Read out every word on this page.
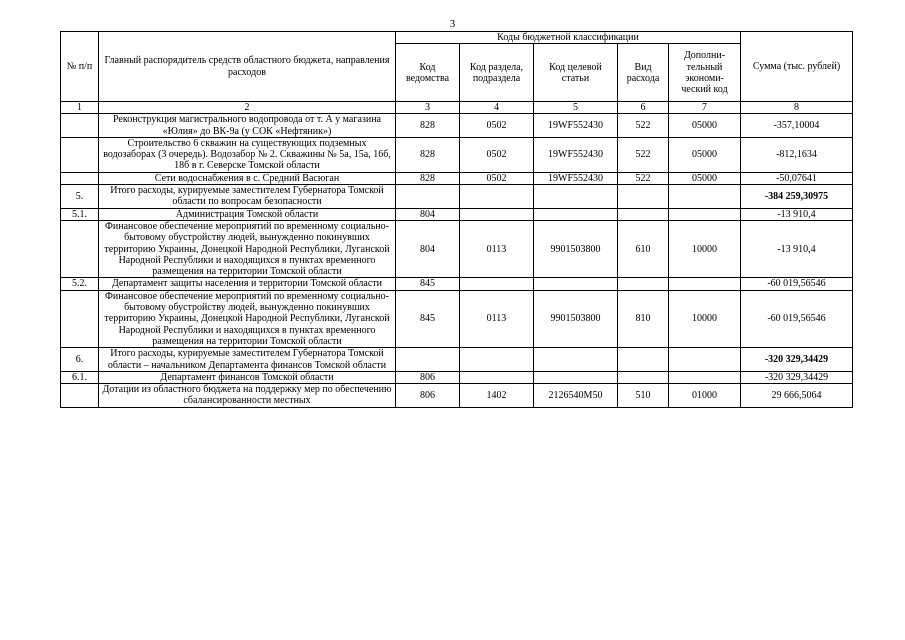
3
№ п/п	Главный распорядитель средств областного бюджета, направления расходов	Коды бюджетной классификации					Сумма (тыс. рублей)
		Код ведомства	Код раздела, подраздела	Код целевой статьи	Вид расхода	Дополни-тельный экономи-ческий код	
1	2	3	4	5	6	7	8
	Реконструкция магистрального водопровода от т. А у магазина «Юлия» до ВК-9а (у СОК «Нефтяник»)	828	0502	19WF552430	522	05000	-357,10004
	Строительство 6 скважин на существующих подземных водозаборах (3 очередь). Водозабор № 2. Скважины № 5а, 15а, 16б, 18б в г. Северске Томской области	828	0502	19WF552430	522	05000	-812,1634
	Сети водоснабжения в с. Средний Васюган	828	0502	19WF552430	522	05000	-50,07641
5.	Итого расходы, курируемые заместителем Губернатора Томской области по вопросам безопасности						-384 259,30975
5.1.	Администрация Томской области	804					-13 910,4
	Финансовое обеспечение мероприятий по временному социально-бытовому обустройству людей, вынужденно покинувших территорию Украины, Донецкой Народной Республики, Луганской Народной Республики и находящихся в пунктах временного размещения на территории Томской области	804	0113	9901503800	610	10000	-13 910,4
5.2.	Департамент защиты населения и территории Томской области	845					-60 019,56546
	Финансовое обеспечение мероприятий по временному социально-бытовому обустройству людей, вынужденно покинувших территорию Украины, Донецкой Народной Республики, Луганской Народной Республики и находящихся в пунктах временного размещения на территории Томской области	845	0113	9901503800	810	10000	-60 019,56546
6.	Итого расходы, курируемые заместителем Губернатора Томской области – начальником Департамента финансов Томской области						-320 329,34429
6.1.	Департамент финансов Томской области	806					-320 329,34429
	Дотации из областного бюджета на поддержку мер по обеспечению сбалансированности местных	806	1402	2126540M50	510	01000	29 666,5064
